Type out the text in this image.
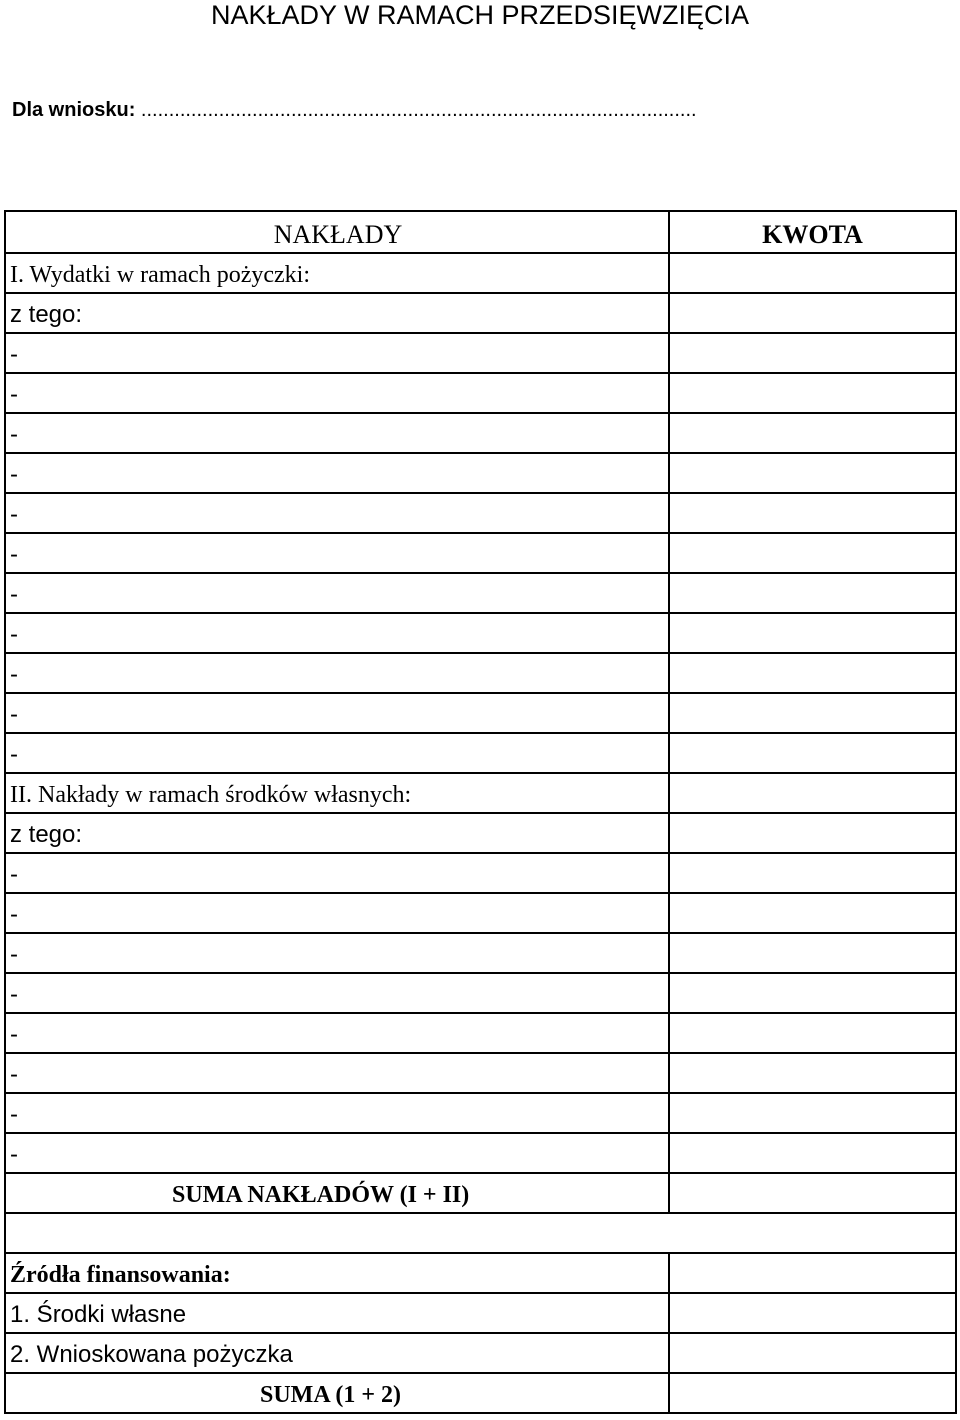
NAKŁADY W RAMACH PRZEDSIĘWZIĘCIA
Dla wniosku: ....................................................................................................
NAKŁADY	KWOTA
I. Wydatki w ramach pożyczki:
z tego:
-
-
-
-
-
-
-
-
-
-
-
II. Nakłady w ramach środków własnych:
z tego:
-
-
-
-
-
-
-
-
SUMA NAKŁADÓW (I + II)
Źródła finansowania:
1. Środki własne
2. Wnioskowana pożyczka
SUMA (1 + 2)
